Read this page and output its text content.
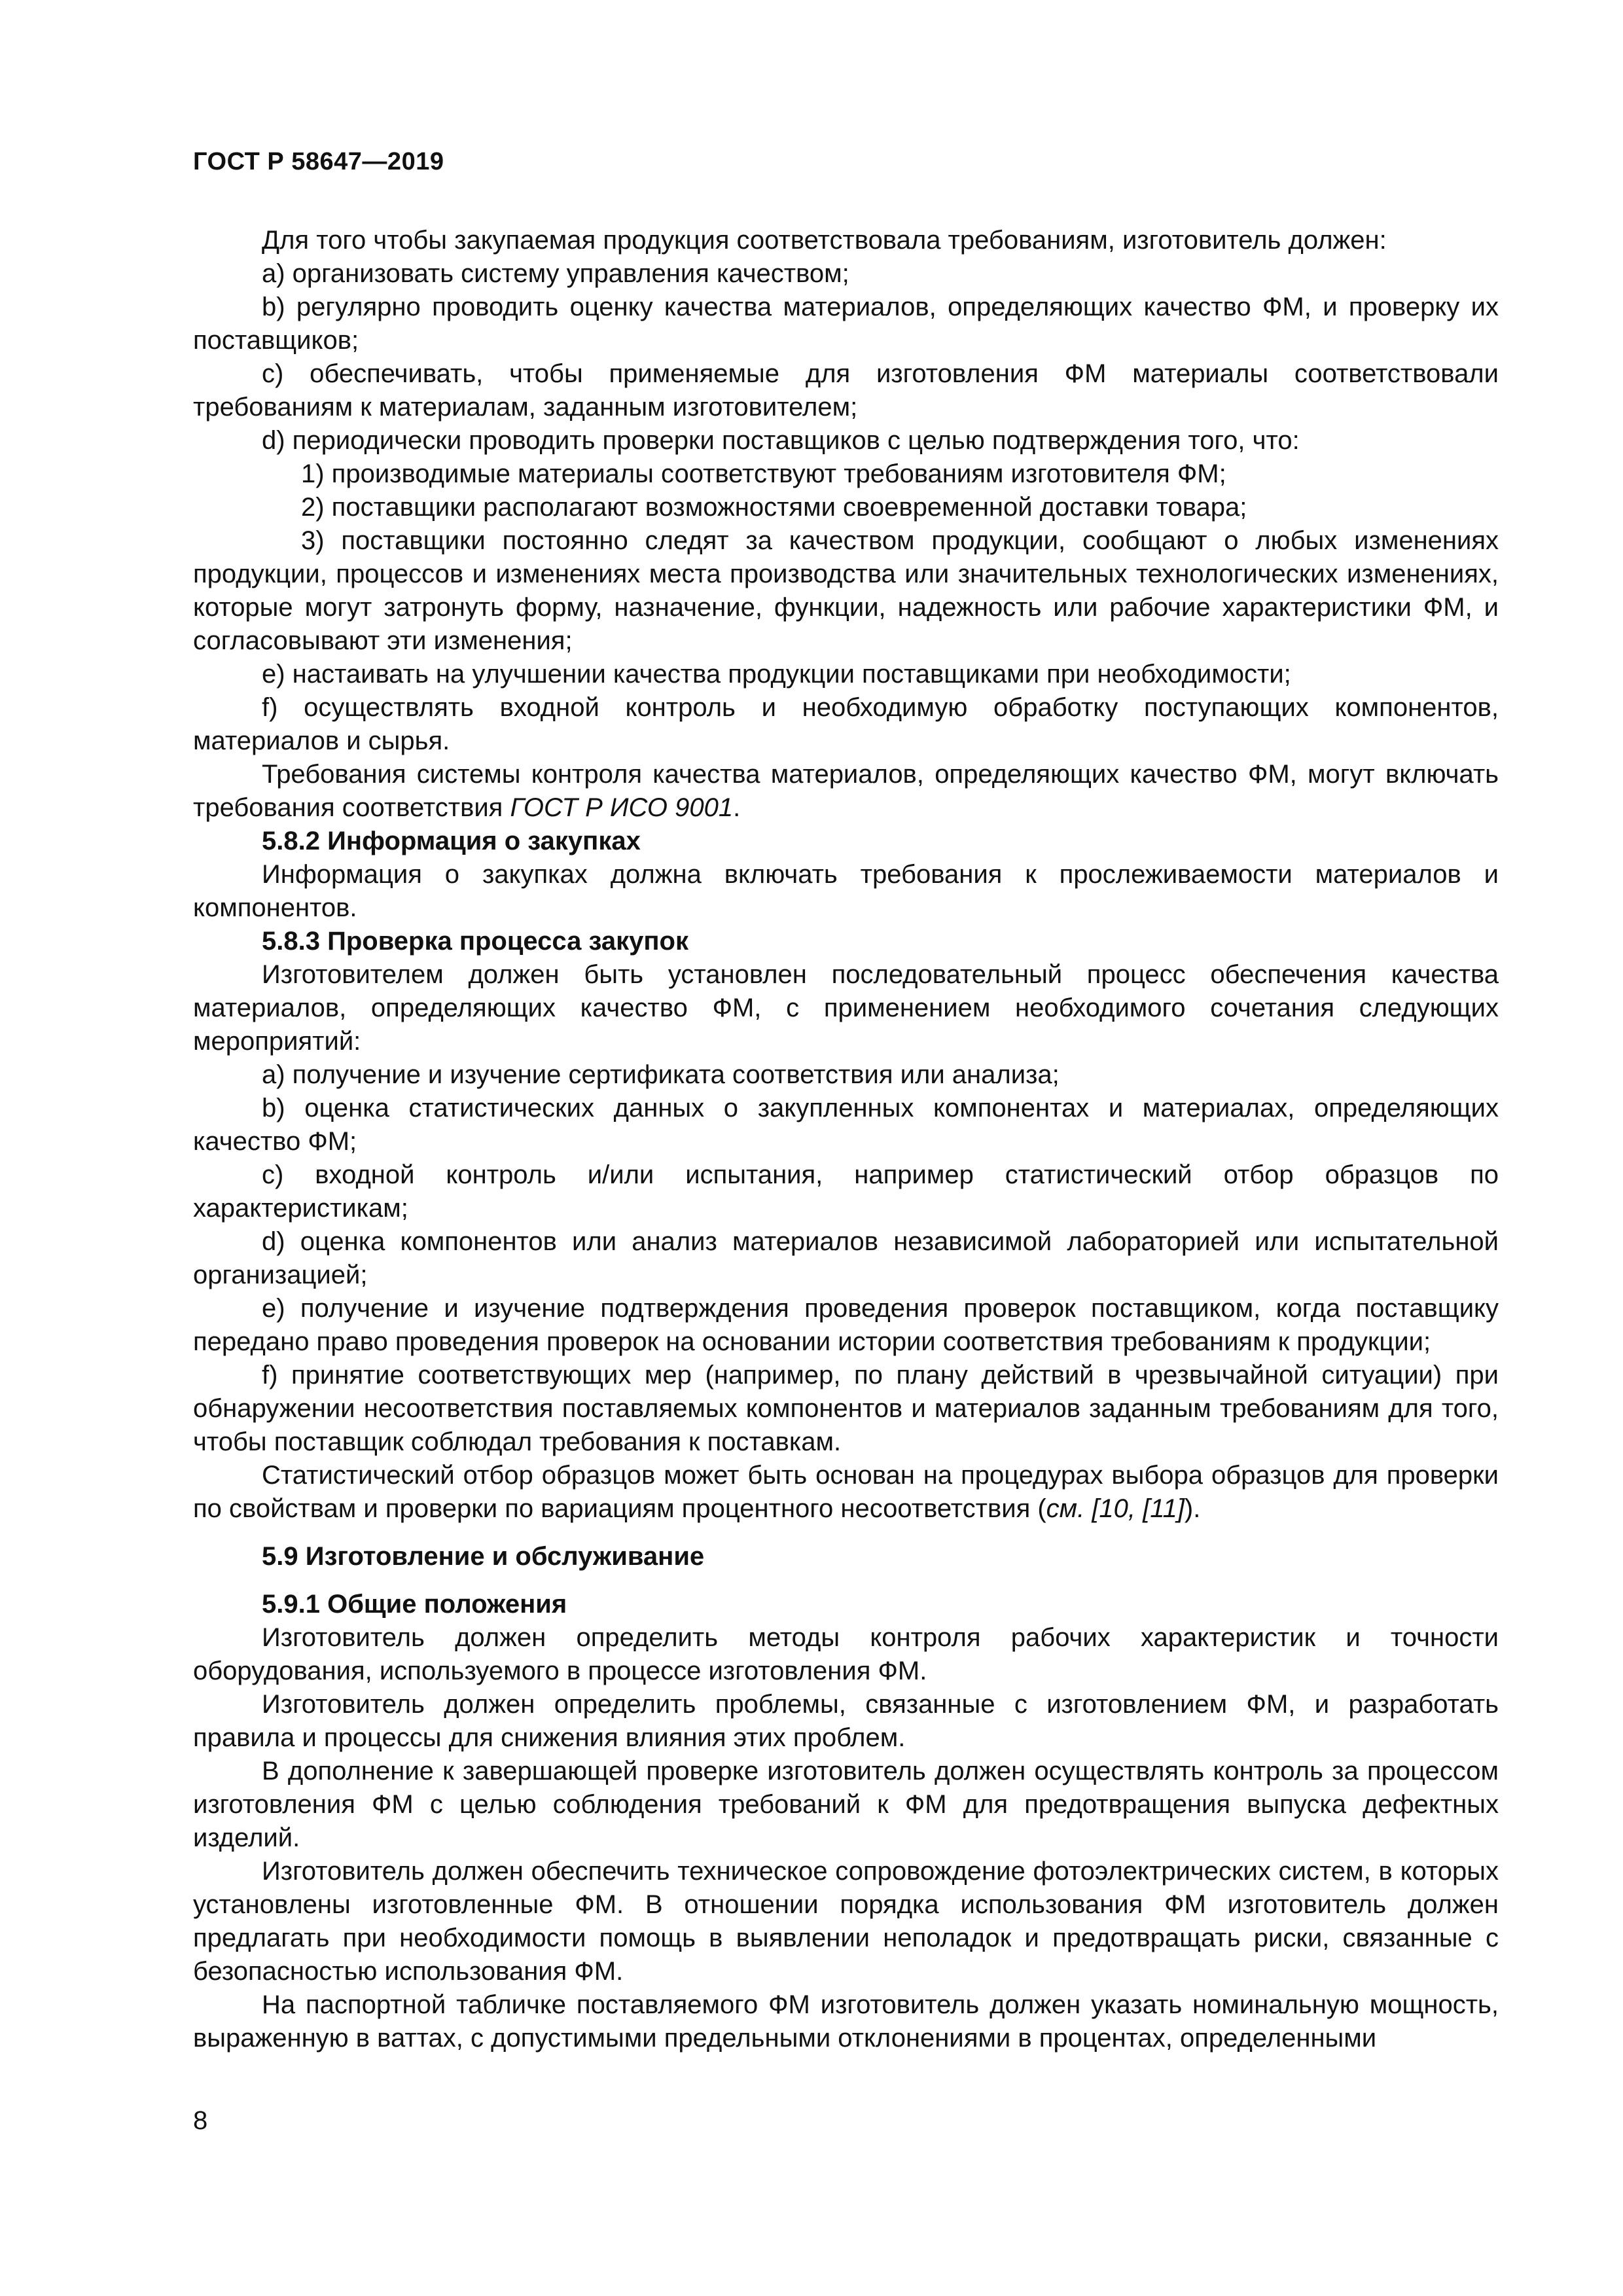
ГОСТ Р 58647—2019

Для того чтобы закупаемая продукция соответствовала требованиям, изготовитель должен:

a) организовать систему управления качеством;

b) регулярно проводить оценку качества материалов, определяющих качество ФМ, и проверку их поставщиков;

c) обеспечивать, чтобы применяемые для изготовления ФМ материалы соответствовали требованиям к материалам, заданным изготовителем;

d) периодически проводить проверки поставщиков с целью подтверждения того, что:

1) производимые материалы соответствуют требованиям изготовителя ФМ;

2) поставщики располагают возможностями своевременной доставки товара;

3) поставщики постоянно следят за качеством продукции, сообщают о любых изменениях продукции, процессов и изменениях места производства или значительных технологических изменениях, которые могут затронуть форму, назначение, функции, надежность или рабочие характеристики ФМ, и согласовывают эти изменения;

e) настаивать на улучшении качества продукции поставщиками при необходимости;

f) осуществлять входной контроль и необходимую обработку поступающих компонентов, материалов и сырья.

Требования системы контроля качества материалов, определяющих качество ФМ, могут включать требования соответствия ГОСТ Р ИСО 9001.

5.8.2 Информация о закупках

Информация о закупках должна включать требования к прослеживаемости материалов и компонентов.

5.8.3 Проверка процесса закупок

Изготовителем должен быть установлен последовательный процесс обеспечения качества материалов, определяющих качество ФМ, с применением необходимого сочетания следующих мероприятий:

a) получение и изучение сертификата соответствия или анализа;

b) оценка статистических данных о закупленных компонентах и материалах, определяющих качество ФМ;

c) входной контроль и/или испытания, например статистический отбор образцов по характеристикам;

d) оценка компонентов или анализ материалов независимой лабораторией или испытательной организацией;

e) получение и изучение подтверждения проведения проверок поставщиком, когда поставщику передано право проведения проверок на основании истории соответствия требованиям к продукции;

f) принятие соответствующих мер (например, по плану действий в чрезвычайной ситуации) при обнаружении несоответствия поставляемых компонентов и материалов заданным требованиям для того, чтобы поставщик соблюдал требования к поставкам.

Статистический отбор образцов может быть основан на процедурах выбора образцов для проверки по свойствам и проверки по вариациям процентного несоответствия (см. [10, [11]).

5.9 Изготовление и обслуживание

5.9.1 Общие положения

Изготовитель должен определить методы контроля рабочих характеристик и точности оборудования, используемого в процессе изготовления ФМ.

Изготовитель должен определить проблемы, связанные с изготовлением ФМ, и разработать правила и процессы для снижения влияния этих проблем.

В дополнение к завершающей проверке изготовитель должен осуществлять контроль за процессом изготовления ФМ с целью соблюдения требований к ФМ для предотвращения выпуска дефектных изделий.

Изготовитель должен обеспечить техническое сопровождение фотоэлектрических систем, в которых установлены изготовленные ФМ. В отношении порядка использования ФМ изготовитель должен предлагать при необходимости помощь в выявлении неполадок и предотвращать риски, связанные с безопасностью использования ФМ.

На паспортной табличке поставляемого ФМ изготовитель должен указать номинальную мощность, выраженную в ваттах, с допустимыми предельными отклонениями в процентах, определенными

8
